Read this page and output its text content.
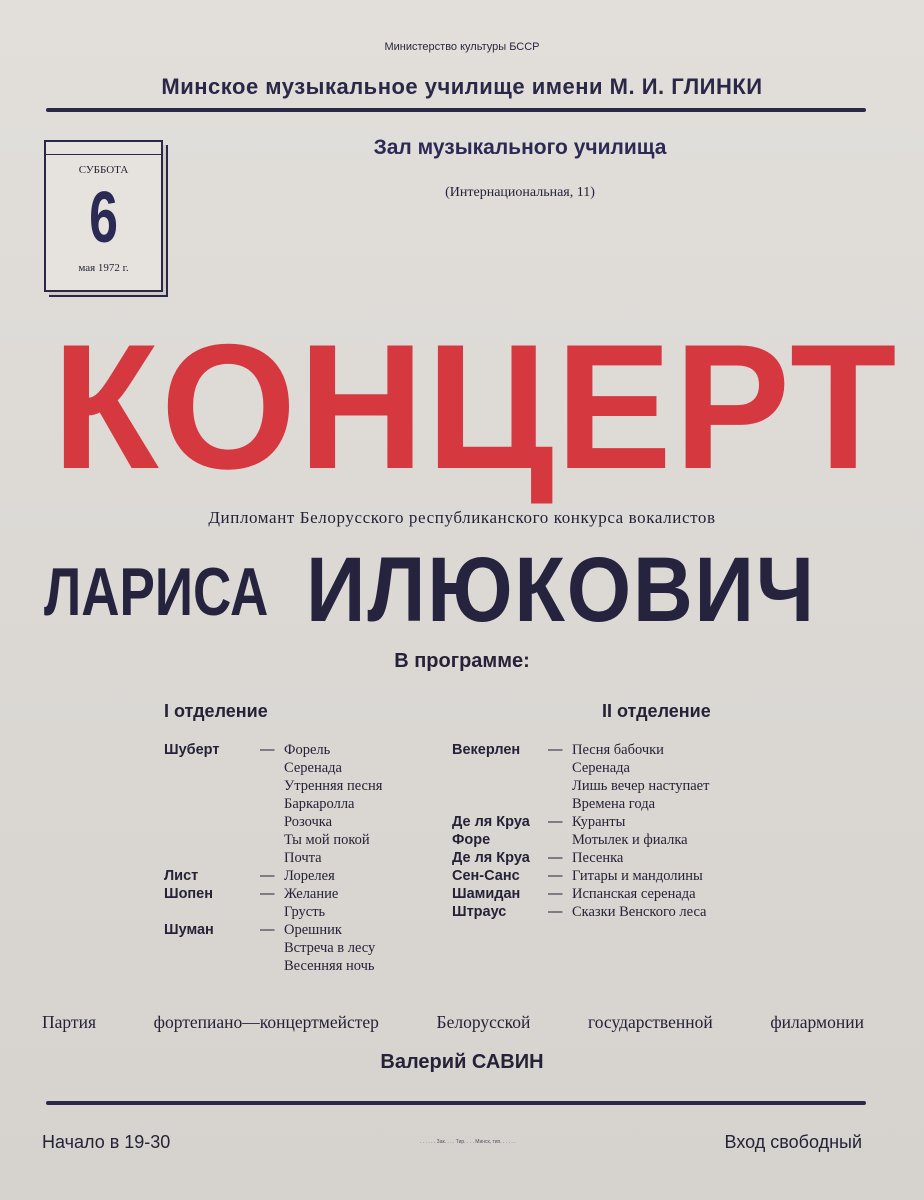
Министерство культуры БССР
Минское музыкальное училище имени М. И. ГЛИНКИ
СУББОТА
6
мая 1972 г.
Зал музыкального училища
(Интернациональная, 11)
КОНЦЕРТ
Дипломант Белорусского республиканского конкурса вокалистов
ЛАРИСА ИЛЮКОВИЧ
В программе:
I отделение	II отделение
Шуберт	— Форель
Серенада
Утренняя песня
Баркаролла
Розочка
Ты мой покой
Почта
Лист	— Лорелея
Шопен	— Желание
Грусть
Шуман	— Орешник
Встреча в лесу
Весенняя ночь
Векерлен — Песня бабочки
Серенада
Лишь вечер наступает
Времена года
Де ля Круа — Куранты
Форе	Мотылек и фиалка
Де ля Круа — Песенка
Сен-Санс — Гитары и мандолины
Шамидан — Испанская серенада
Штраус	— Сказки Венского леса
Партия	фортепиано—концертмейстер	Белорусской	государственной	филармонии
Валерий САВИН
Начало в 19-30	. . . . . . Зак. . . . Тир. . . . Минск, тип. . . . . .	Вход свободный
